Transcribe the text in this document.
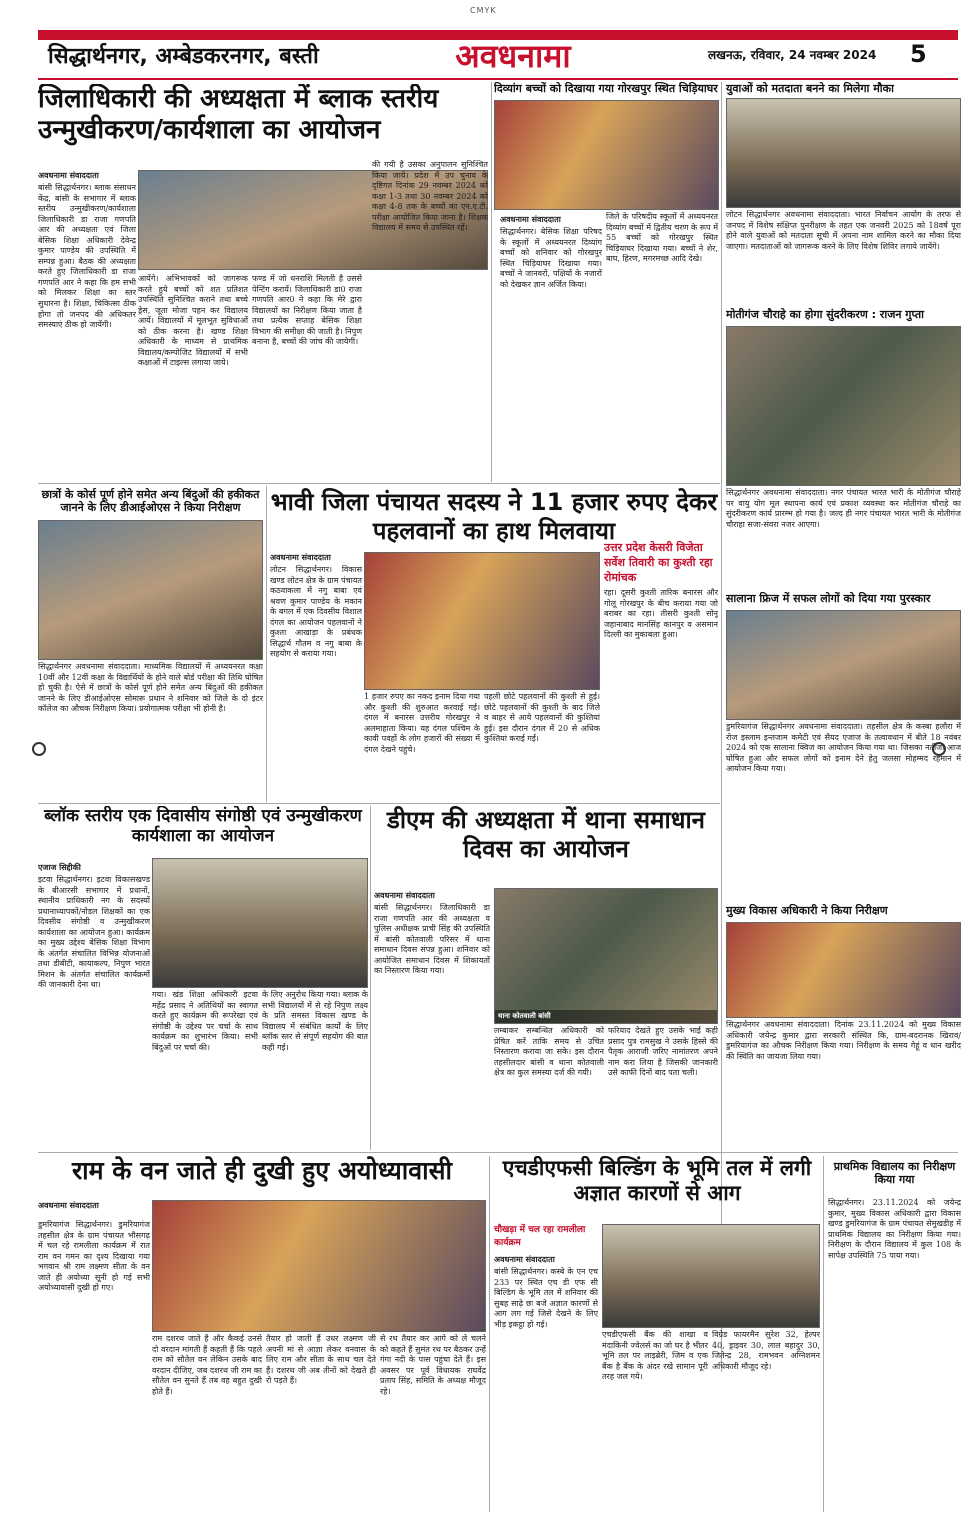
CMYK
सिद्धार्थनगर, अम्बेडकरनगर, बस्ती	अवधनामा	लखनऊ, रविवार, 24 नवम्बर 2024 5
जिलाधिकारी की अध्यक्षता में ब्लाक स्तरीय उन्मुखीकरण/कार्यशाला का आयोजन
अवधनामा संवाददाता
बांसी सिद्धार्थनगर। ब्लाक संसाधन केंद्र, बांसी के सभागार में ब्लाक स्तरीय उन्मुखीकरण/कार्यशाला जिलाधिकारी डा राजा गणपति आर की अध्यक्षता एवं जिला बेसिक शिक्षा अधिकारी देवेन्द्र कुमार पाण्डेय की उपस्थिति में सम्पन्न हुआ। बैठक की अध्यक्षता करते हुए जिलाधिकारी डा राजा गणपति आर ने कहा कि हम सभी को मिलकर शिक्षा का स्तर सुधारना है। शिक्षा, चिकित्सा ठीक होगा तो जनपद की अधिकतर समस्याएं ठीक हो जायेंगी।
आयेंगे। अभिभावकों को जागरूक करते हुये बच्चों को शत प्रतिशत उपस्थिति सुनिश्चित कराने तथा बच्चे ड्रेस, जूता मोजा पहन कर विद्यालय आयें। विद्यालयों में मूलभूत सुविधाओं को ठीक करना है। खण्ड शिक्षा अधिकारी के माध्यम से प्राथमिक विद्यालय/कम्पोजिट विद्यालयों में सभी कक्षाओं में टाइल्स लगाया जाये।
फण्ड में जो धनराशि मिलती है उससे पेन्टिंग करायें। जिलाधिकारी डा0 राजा गणपति आर0 ने कहा कि मेरे द्वारा विद्यालयों का निरीक्षण किया जाता है तथा प्रत्येक सप्ताह बेसिक शिक्षा विभाग की समीक्षा की जाती है। निपुण बनाना है, बच्चों की जांच की जायेगी।
की गयी है उसका अनुपालन सुनिश्चित किया जाये। प्रदेश में उप चुनाव के दृष्टिगत दिनांक 29 नवम्बर 2024 को कक्षा 1-3 तथा 30 नवम्बर 2024 को कक्षा 4-8 तक के बच्चों का एन.ए.टी. परीक्षा आयोजित किया जाना है। शिक्षक विद्यालय में समय से उपस्थित रहें।
दिव्यांग बच्चों को दिखाया गया गोरखपुर स्थित चिड़ियाघर
अवधनामा संवाददाता
सिद्धार्थनगर। बेसिक शिक्षा परिषद के स्कूलों में अध्ययनरत दिव्यांग बच्चों को शनिवार को गोरखपुर स्थित चिड़ियाघर दिखाया गया। बच्चों ने जानवरों, पक्षियों के नजारों को देखकर ज्ञान अर्जित किया।
जिले के परिषदीय स्कूलों में अध्ययनरत दिव्यांग बच्चों में द्वितीय चरण के रूप में 55 बच्चों को गोरखपुर स्थित चिड़ियाघर दिखाया गया। बच्चों ने शेर, बाघ, हिरण, मगरमच्छ आदि देखे।
युवाओं को मतदाता बनने का मिलेगा मौका
लोटन सिद्धार्थनगर अवधनामा संवाददाता। भारत निर्वाचन आयोग के तरफ से जनपद में विशेष संक्षिप्त पुनरीक्षण के तहत एक जनवरी 2025 को 18वर्ष पूरा होने वाले युवाओं को मतदाता सूची में अपना नाम शामिल करने का मौका दिया जाएगा। मतदाताओं को जागरूक करने के लिए विशेष शिविर लगाये जायेंगे।
मोतीगंज चौराहे का होगा सुंदरीकरण : राजन गुप्ता
सिद्धार्थनगर अवधनामा संवाददाता। नगर पंचायत भारत भारी के मोतीगंज चौराहे पर वायु योग मूल स्थापना कार्य एवं प्रकाश व्यवस्था कर मोतीगंज चौराहे का सुंदरीकरण कार्य प्रारम्भ हो गया है। जल्द ही नगर पंचायत भारत भारी के मोतीगंज चौराहा सजा-संवरा नजर आएगा।
छात्रों के कोर्स पूर्ण होने समेत अन्य बिंदुओं की हकीकत जानने के लिए डीआईओएस ने किया निरीक्षण
सिद्धार्थनगर अवधनामा संवाददाता। माध्यमिक विद्यालयों में अध्ययनरत कक्षा 10वीं और 12वीं कक्षा के विद्यार्थियों के होने वाले बोर्ड परीक्षा की तिथि घोषित हो चुकी है। ऐसे में छात्रों के कोर्स पूर्ण होने समेत अन्य बिंदुओं की हकीकत जानने के लिए डीआईओएस सोमारू प्रधान ने शनिवार को जिले के दो इंटर कॉलेज का औचक निरीक्षण किया। प्रयोगात्मक परीक्षा भी होनी है।
भावी जिला पंचायत सदस्य ने 11 हजार रुपए देकर पहलवानों का हाथ मिलवाया
अवधनामा संवाददाता
लोटन सिद्धार्थनगर। विकास खण्ड लोटन क्षेत्र के ग्राम पंचायत कठवाकला में नगु बाबा एवं श्रवण कुमार पाण्डेय के मकान के बगल में एक दिवसीय विशाल दंगल का आयोजन पहलवानों ने कुश्ता आखाड़ा के प्रबंधक सिद्धार्थ गौतम व नगु बाबा के सहयोग से कराया गया।
1 हजार रुपए का नकद इनाम दिया गया और कुश्ती की शुरुआत करवाई गई। दंगल में बनारस उत्तरीय गोरखपुर ने अलमाहाता किया। यह दंगल पश्चिम के कावी पवहों के लोग हजारों की संख्या में दंगल देखने पहुंचे।
पहली छोटे पहलवानों की कुश्ती से हुई। छोटे पहलवानों की कुश्ती के बाद जिले व बाहर से आये पहलवानों की कुश्तियां हुई। इस दौरान दंगल में 20 से अधिक कुश्तियां कराई गईं।
उत्तर प्रदेश केसरी विजेता सर्वेश तिवारी का कुश्ती रहा रोमांचक
रहा। दूसरी कुश्ती तारिक बनारस और गोलू गोरखपुर के बीच कराया गया जो बराबर का रहा। तीसरी कुश्ती सोनू जहानाबाद मानसिंह कानपुर व असमान दिल्ली का मुकाबला हुआ।
सालाना फ्रिज में सफल लोगों को दिया गया पुरस्कार
डुमरियागंज सिद्धार्थनगर अवधनामा संवाददाता। तहसील क्षेत्र के कस्बा हलौरा में रोज इस्लाम इन्तजाम कमेटी एवं सैयद एजाज के तत्वावधान में बीते 18 नवंबर 2024 को एक सालाना क्विज का आयोजन किया गया था। जिसका नतीजा आज घोषित हुआ और सफल लोगों को इनाम देने हेतु जलसा मोहम्मद रहमान में आयोजन किया गया।
ब्लॉक स्तरीय एक दिवासीय संगोष्ठी एवं उन्मुखीकरण कार्यशाला का आयोजन
एजाज सिद्दीकी
इटवा सिद्धार्थनगर। इटवा विकासखण्ड के बीआरसी सभागार में प्रधानों, स्थानीय प्राधिकारी नग के सदस्यों प्रधानाध्यापकों/नोडल शिक्षकों का एक दिवसीय संगोष्ठी व उन्मुखीकरण कार्यशाला का आयोजन हुआ। कार्यक्रम का मुख्य उद्देश्य बेसिक शिक्षा विभाग के अंतर्गत संचालित विभिन्न योजनाओं तथा डीबीटी, कायाकल्प, निपुण भारत मिशन के अंतर्गत संचालित कार्यक्रमों की जानकारी देना था।
गया। खंड शिक्षा अधिकारी इटवा महेंद्र प्रसाद ने अतिथियों का स्वागत करते हुए कार्यक्रम की रूपरेखा एवं संगोष्ठी के उद्देश्य पर चर्चा के साथ कार्यक्रम का शुभारंभ किया। सभी बिंदुओं पर चर्चा की।
के लिए अनुरोध किया गया। ब्लाक के सभी विद्यालयों में से रहे निपुण लक्ष्य के प्रति समस्त विकास खण्ड के विद्यालय में संबंधित कार्यों के लिए ब्लॉक स्तर से संपूर्ण सहयोग की बात कही गई।
डीएम की अध्यक्षता में थाना समाधान दिवस का आयोजन
अवधनामा संवाददाता
बांसी सिद्धार्थनगर। जिलाधिकारी डा राजा गणपति आर की अध्यक्षता व पुलिस अधीक्षक प्राची सिंह की उपस्थिति में बांसी कोतवाली परिसर में थाना समाधान दिवस संपन्न हुआ। शनिवार को आयोजित समाधान दिवस में शिकायतों का निस्तारण किया गया।
थाना कोतवाली बांसी
लम्बाकर सम्बन्धित अधिकारी को प्रेषित करें ताकि समय से उचित निस्तारण कराया जा सके। इस दौरान तहसीलदार बांसी व थाना कोतवाली क्षेत्र का कुल समस्या दर्ज की गयी।
फरियाद देखते हुए उसके भाई कही प्रसाद पुत्र रामसुख ने उसके हिस्से की पैतृक आराजी जरिए नामांतरण अपने नाम करा लिया है जिसकी जानकारी उसे काफी दिनों बाद पता चली।
मुख्य विकास अधिकारी ने किया निरीक्षण
सिद्धार्थनगर अवधनामा संवाददाता। दिनांक 23.11.2024 को मुख्य विकास अधिकारी जयेन्द्र कुमार द्वारा सरकारी संस्थित कि, ग्राम-बदरानक खिराव/डुमरियागंज का औचक निरीक्षण किया गया। निरीक्षण के समय गेहूं व धान खरीद की स्थिति का जायजा लिया गया।
राम के वन जाते ही दुखी हुए अयोध्यावासी
अवधनामा संवाददाता
डुमरियागंज सिद्धार्थनगर। डुमरियागंज तहसील क्षेत्र के ग्राम पंचायत भौसगढ़ में चल रहे रामलीला कार्यक्रम में रात राम वन गमन का दृश्य दिखाया गया भगवान श्री राम लक्ष्मण सीता के वन जाते ही अयोध्या सूनी हो गई सभी अयोध्यावासी दुखी हो गए।
राम दशरथ जाते हैं और कैकई उनसे दो वरदान मांगती हैं कहती हैं कि पहले राम को सौतेल वन लेकिन उसके बाद वरदान दीजिए, जब दशरथ जी राम का सौतेल वन सुनते हैं तब वह बहुत दुखी होते हैं।
तैयार हो जाती हैं उधर लक्ष्मण जी अपनी मां से आज्ञा लेकर वनवास के लिए राम और सीता के साथ चल देते हैं। दशरथ जी अब तीनों को देखते ही रो पड़ते हैं।
से रथ तैयार कर आगे को ले चलने को कहते हैं सुमंत रथ पर बैठकर उन्हें गंगा नदी के पास पहुंचा देते हैं। इस अवसर पर पूर्व विधायक राघवेंद्र प्रताप सिंह, समिति के अध्यक्ष मौजूद रहे।
एचडीएफसी बिल्डिंग के भूमि तल में लगी अज्ञात कारणों से आग
चौखड़ा में चल रहा रामलीला कार्यक्रम
अवधनामा संवाददाता
बांसी सिद्धार्थनगर। कस्बे के एन एच 233 पर स्थित एच डी एफ सी बिल्डिंग के भूमि तल में शनिवार की सुबह साढ़े छः बजे अज्ञात कारणों से आग लग गई जिसे देखने के लिए भीड़ इकट्ठा हो गई।
एचडीएफसी बैंक की शाखा व मंदाकिनी ज्वेलर्स का जो घर है भीतर भूमि तल पर लाइब्रेरी, जिम व एक बैंक है बैंक के अंदर रखे सामान पूरी तरह जल गये।
विग्रेड फायरमैन सुरेश 32, हेल्पर 40, ड्राइवर 30, लाल बहादुर 30, जितेन्द्र 28, रामभवन अग्निशमन अधिकारी मौजूद रहे।
प्राथमिक विद्यालय का निरीक्षण किया गया
सिद्धार्थनगर। 23.11.2024 को जयेन्द्र कुमार, मुख्य विकास अधिकारी द्वारा विकास खण्ड डुमरियागंज के ग्राम पंचायत सेमुखडीह में प्राथमिक विद्यालय का निरीक्षण किया गया। निरीक्षण के दौरान विद्यालय में कुल 108 के सापेक्ष उपस्थिति 75 पाया गया।
